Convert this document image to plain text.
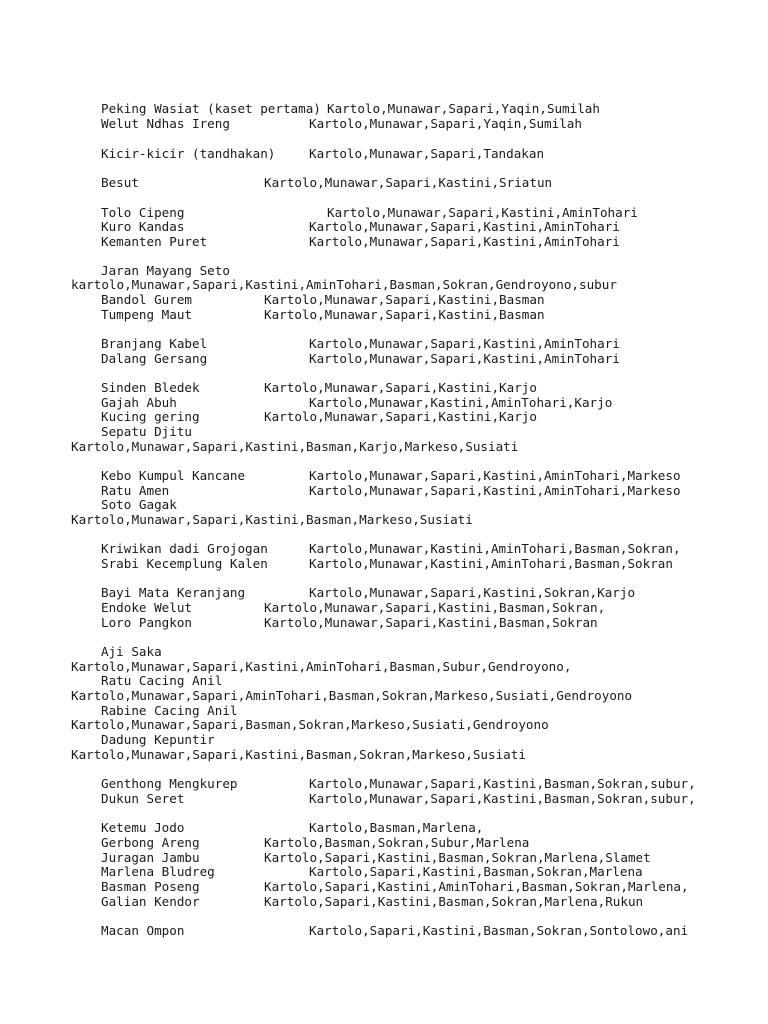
Peking Wasiat (kaset pertama) Kartolo,Munawar,Sapari,Yaqin,Sumilah
Welut Ndhas Ireng	Kartolo,Munawar,Sapari,Yaqin,Sumilah
Kicir-kicir (tandhakan)	Kartolo,Munawar,Sapari,Tandakan
Besut	Kartolo,Munawar,Sapari,Kastini,Sriatun
Tolo Cipeng	Kartolo,Munawar,Sapari,Kastini,AminTohari
Kuro Kandas	Kartolo,Munawar,Sapari,Kastini,AminTohari
Kemanten Puret	Kartolo,Munawar,Sapari,Kastini,AminTohari
Jaran Mayang Seto
kartolo,Munawar,Sapari,Kastini,AminTohari,Basman,Sokran,Gendroyono,subur
Bandol Gurem	Kartolo,Munawar,Sapari,Kastini,Basman
Tumpeng Maut	Kartolo,Munawar,Sapari,Kastini,Basman
Branjang Kabel	Kartolo,Munawar,Sapari,Kastini,AminTohari
Dalang Gersang	Kartolo,Munawar,Sapari,Kastini,AminTohari
Sinden Bledek	Kartolo,Munawar,Sapari,Kastini,Karjo
Gajah Abuh	Kartolo,Munawar,Kastini,AminTohari,Karjo
Kucing gering	Kartolo,Munawar,Sapari,Kastini,Karjo
Sepatu Djitu
Kartolo,Munawar,Sapari,Kastini,Basman,Karjo,Markeso,Susiati
Kebo Kumpul Kancane	Kartolo,Munawar,Sapari,Kastini,AminTohari,Markeso
Ratu Amen	Kartolo,Munawar,Sapari,Kastini,AminTohari,Markeso
Soto Gagak
Kartolo,Munawar,Sapari,Kastini,Basman,Markeso,Susiati
Kriwikan dadi Grojogan	Kartolo,Munawar,Kastini,AminTohari,Basman,Sokran,
Srabi Kecemplung Kalen	Kartolo,Munawar,Kastini,AminTohari,Basman,Sokran
Bayi Mata Keranjang	Kartolo,Munawar,Sapari,Kastini,Sokran,Karjo
Endoke Welut	Kartolo,Munawar,Sapari,Kastini,Basman,Sokran,
Loro Pangkon	Kartolo,Munawar,Sapari,Kastini,Basman,Sokran
Aji Saka
Kartolo,Munawar,Sapari,Kastini,AminTohari,Basman,Subur,Gendroyono,
Ratu Cacing Anil
Kartolo,Munawar,Sapari,AminTohari,Basman,Sokran,Markeso,Susiati,Gendroyono
Rabine Cacing Anil
Kartolo,Munawar,Sapari,Basman,Sokran,Markeso,Susiati,Gendroyono
Dadung Kepuntir
Kartolo,Munawar,Sapari,Kastini,Basman,Sokran,Markeso,Susiati
Genthong Mengkurep	Kartolo,Munawar,Sapari,Kastini,Basman,Sokran,subur,
Dukun Seret	Kartolo,Munawar,Sapari,Kastini,Basman,Sokran,subur,
Ketemu Jodo	Kartolo,Basman,Marlena,
Gerbong Areng	Kartolo,Basman,Sokran,Subur,Marlena
Juragan Jambu	Kartolo,Sapari,Kastini,Basman,Sokran,Marlena,Slamet
Marlena Bludreg	Kartolo,Sapari,Kastini,Basman,Sokran,Marlena
Basman Poseng	Kartolo,Sapari,Kastini,AminTohari,Basman,Sokran,Marlena,
Galian Kendor	Kartolo,Sapari,Kastini,Basman,Sokran,Marlena,Rukun
Macan Ompon	Kartolo,Sapari,Kastini,Basman,Sokran,Sontolowo,ani
